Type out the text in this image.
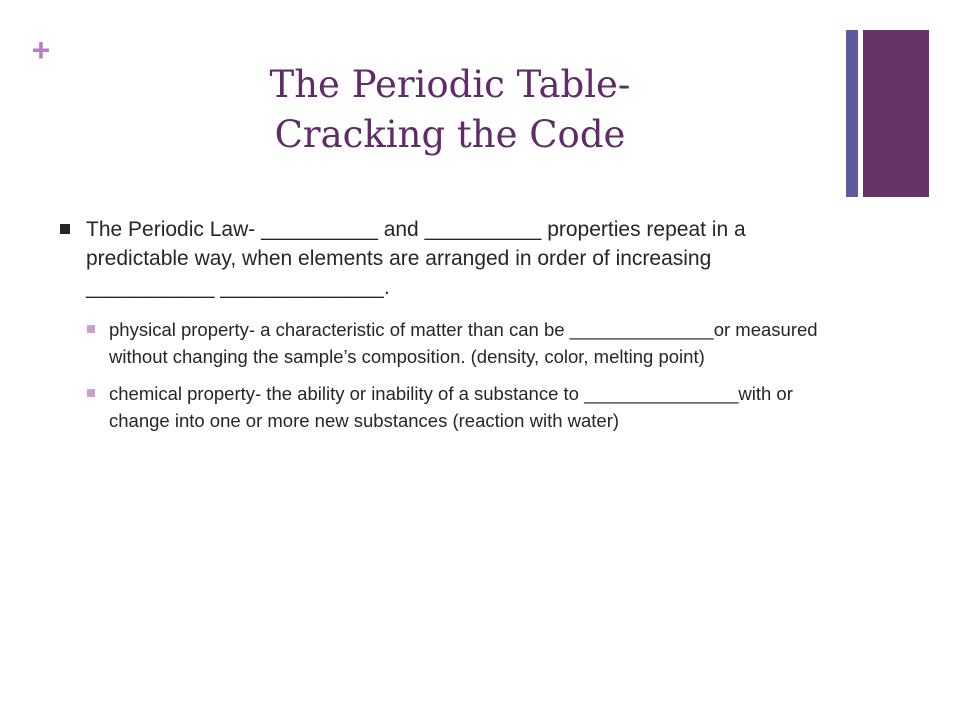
+
The Periodic Table-
Cracking the Code
The Periodic Law- __________ and __________ properties repeat in a predictable way, when elements are arranged in order of increasing ___________ ______________.
physical property- a characteristic of matter than can be ______________or measured without changing the sample’s composition. (density, color, melting point)
chemical property- the ability or inability of a substance to _______________with or change into one or more new substances (reaction with water)
